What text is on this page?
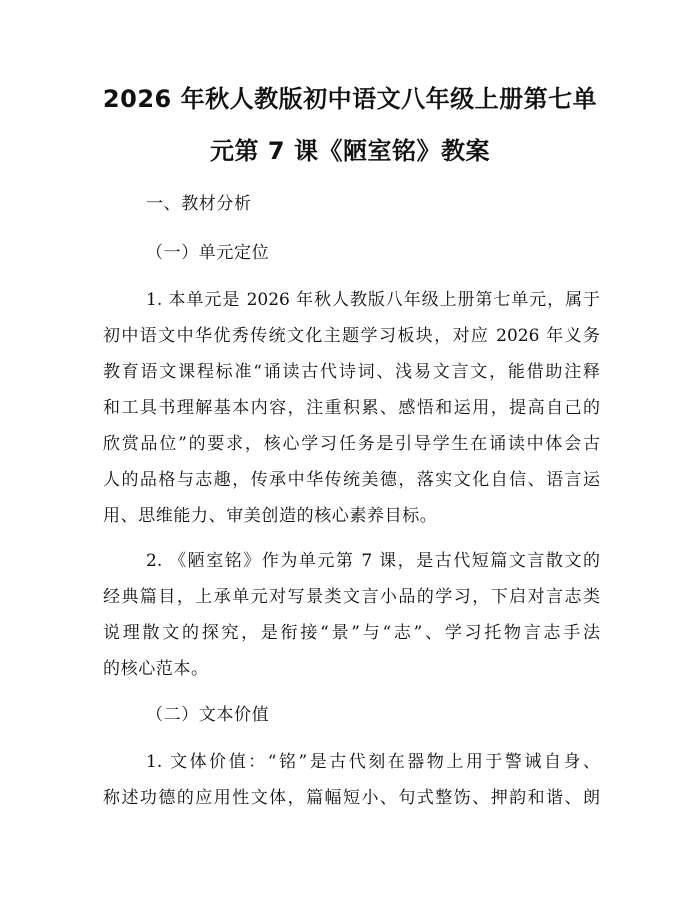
2026 年秋人教版初中语文八年级上册第七单
元第 7 课《陋室铭》教案
一、教材分析
（一）单元定位
1. 本单元是 2026 年秋人教版八年级上册第七单元，属于
初中语文中华优秀传统文化主题学习板块，对应 2026 年义务
教育语文课程标准“诵读古代诗词、浅易文言文，能借助注释
和工具书理解基本内容，注重积累、感悟和运用，提高自己的
欣赏品位”的要求，核心学习任务是引导学生在诵读中体会古
人的品格与志趣，传承中华传统美德，落实文化自信、语言运
用、思维能力、审美创造的核心素养目标。
2. 《陋室铭》作为单元第 7 课，是古代短篇文言散文的
经典篇目，上承单元对写景类文言小品的学习，下启对言志类
说理散文的探究，是衔接“景”与“志”、学习托物言志手法
的核心范本。
（二）文本价值
1. 文体价值：“铭”是古代刻在器物上用于警诫自身、
称述功德的应用性文体，篇幅短小、句式整饬、押韵和谐、朗
